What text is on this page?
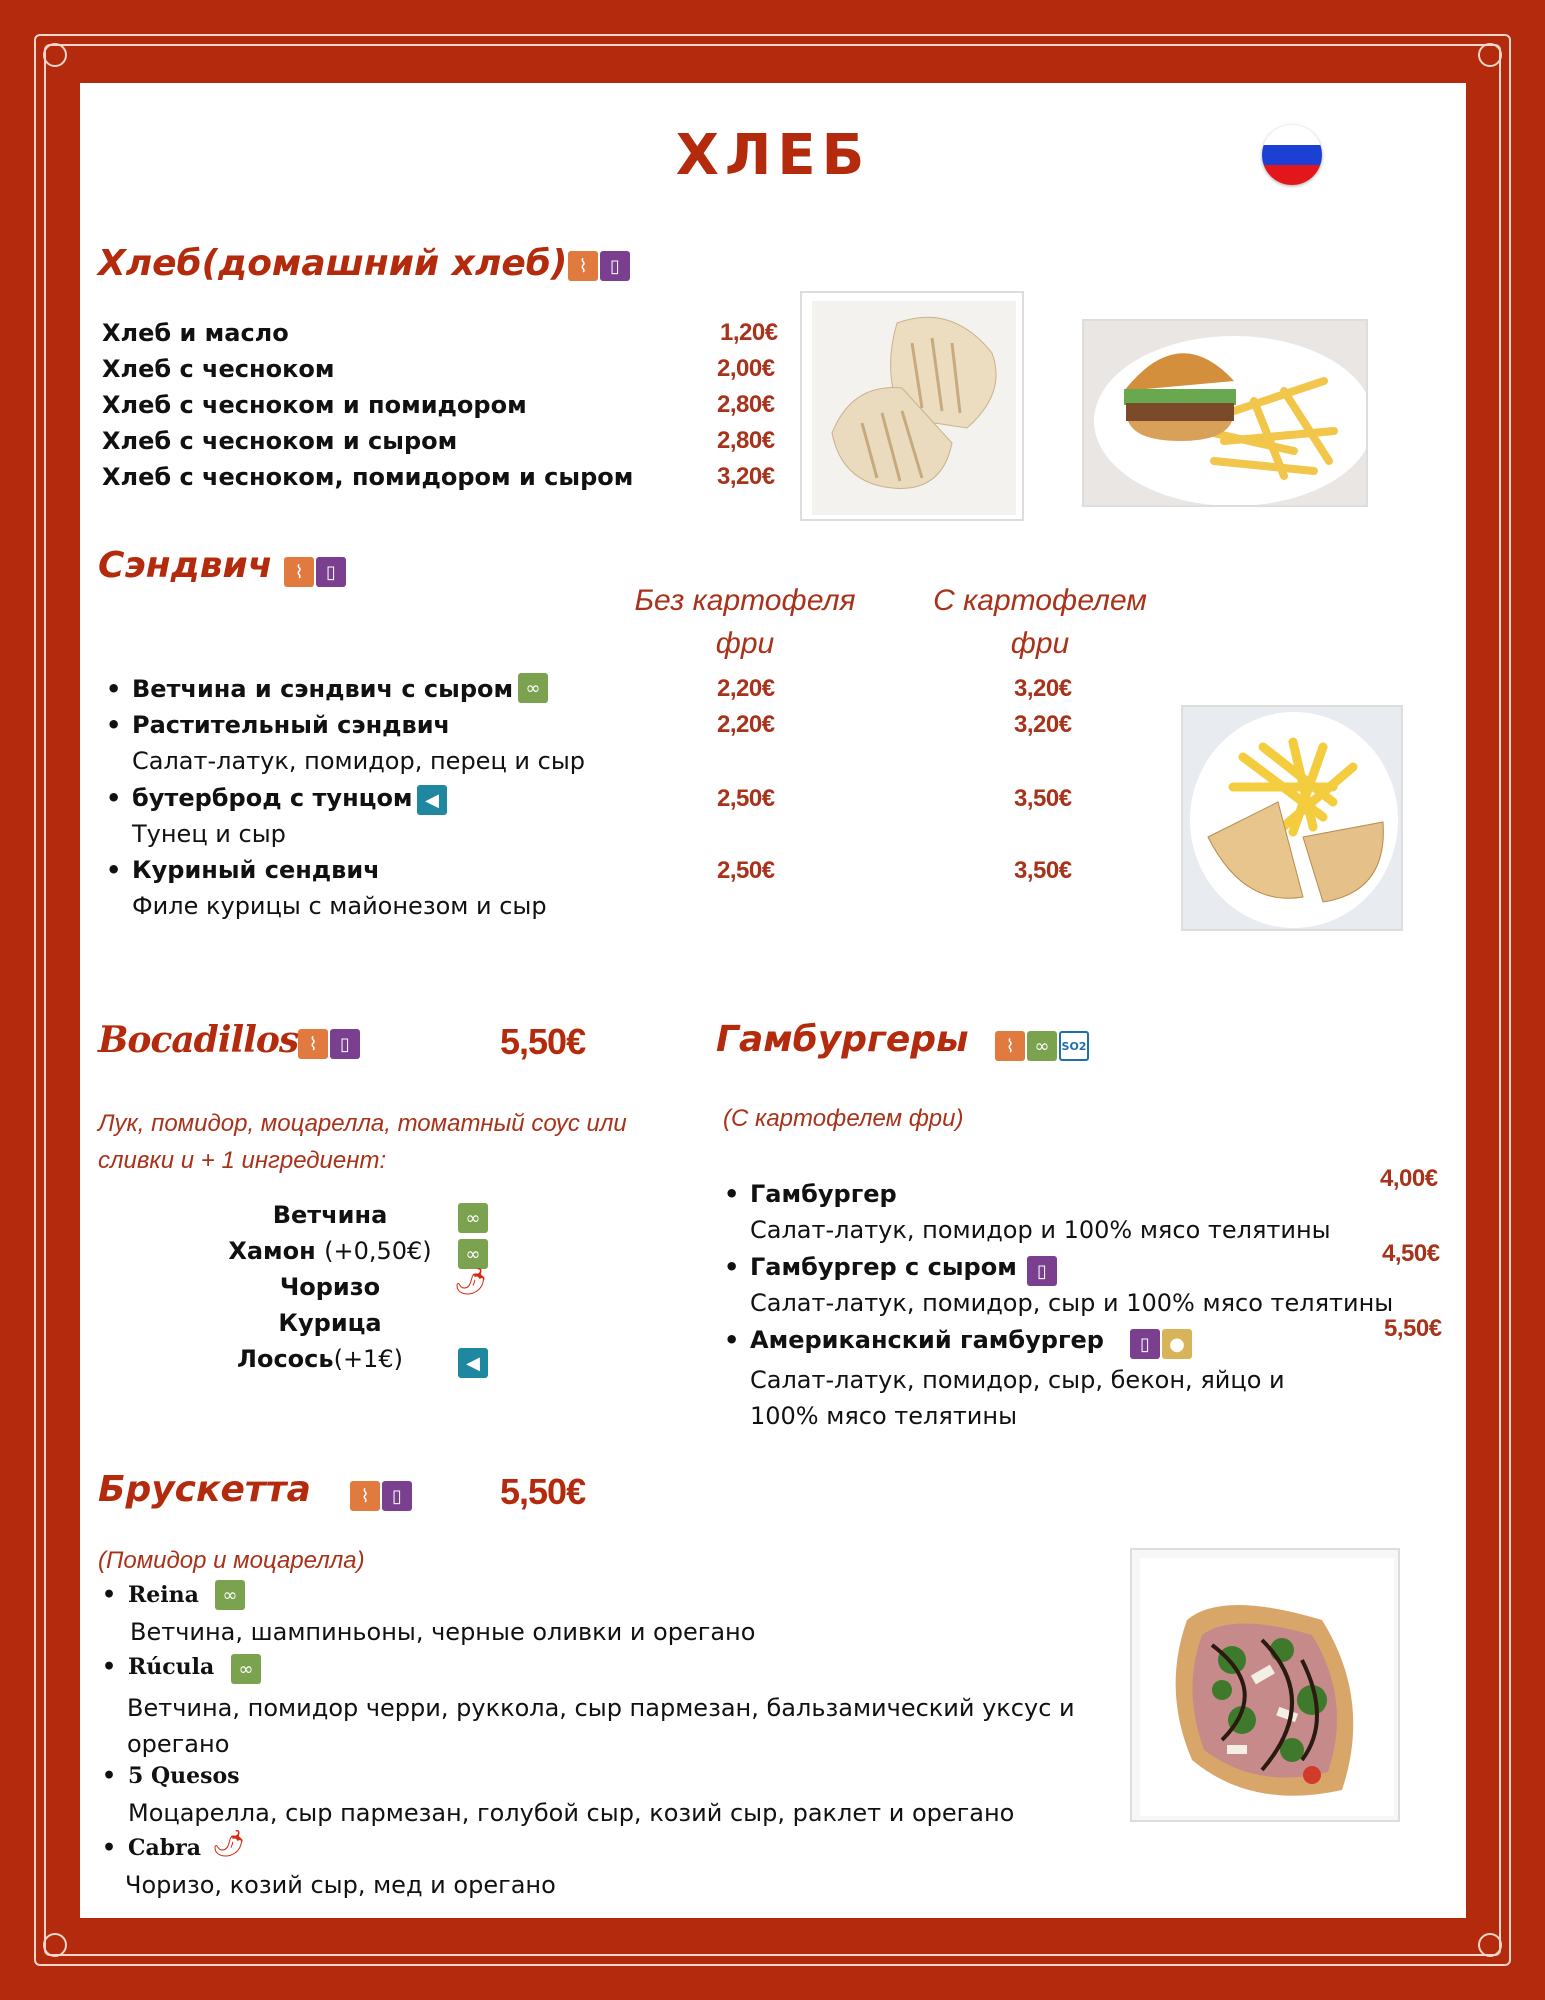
ХЛЕБ
Хлеб(домашний хлеб) ⌇	▯
Хлеб и масло	1,20€
Хлеб с чесноком	2,00€
Хлеб с чесноком и помидором	2,80€
Хлеб с чесноком и сыром	2,80€
Хлеб с чесноком, помидором и сыром	3,20€
Сэндвич	⌇	▯
Без картофеля фри
С картофелем фри
• Ветчина и сэндвич с сыром ∞	2,20€	3,20€
• Растительный сэндвич
Салат-латук, помидор, перец и сыр
2,20€	3,20€
• бутерброд с тунцом ◀
Тунец и сыр
2,50€	3,50€
• Куриный сендвич
Филе курицы с майонезом и сыр
2,50€	3,50€
Bocadillos ⌇	▯	5,50€
Лук, помидор, моцарелла, томатный соус или сливки и + 1 ингредиент:
Ветчина	∞
Хамон (+0,50€)	∞
Чоризо	🌶
Курица
Лосось(+1€)	◀
Гамбургеры	⌇	∞	SO2
(С картофелем фри)
• Гамбургер
Салат-латук, помидор и 100% мясо телятины
4,00€
• Гамбургер с сыром	▯
Салат-латук, помидор, сыр и 100% мясо телятины
4,50€
• Американский гамбургер	▯	●
Салат-латук, помидор, сыр, бекон, яйцо и 100% мясо телятины
5,50€
Брускетта	⌇	▯	5,50€
(Помидор и моцарелла)
• Reina	∞
Ветчина, шампиньоны, черные оливки и орегано
• Rúcula	∞
Ветчина, помидор черри, руккола, сыр пармезан, бальзамический уксус и орегано
• 5 Quesos
Моцарелла, сыр пармезан, голубой сыр, козий сыр, раклет и орегано
• Cabra 🌶
Чоризо, козий сыр, мед и орегано
